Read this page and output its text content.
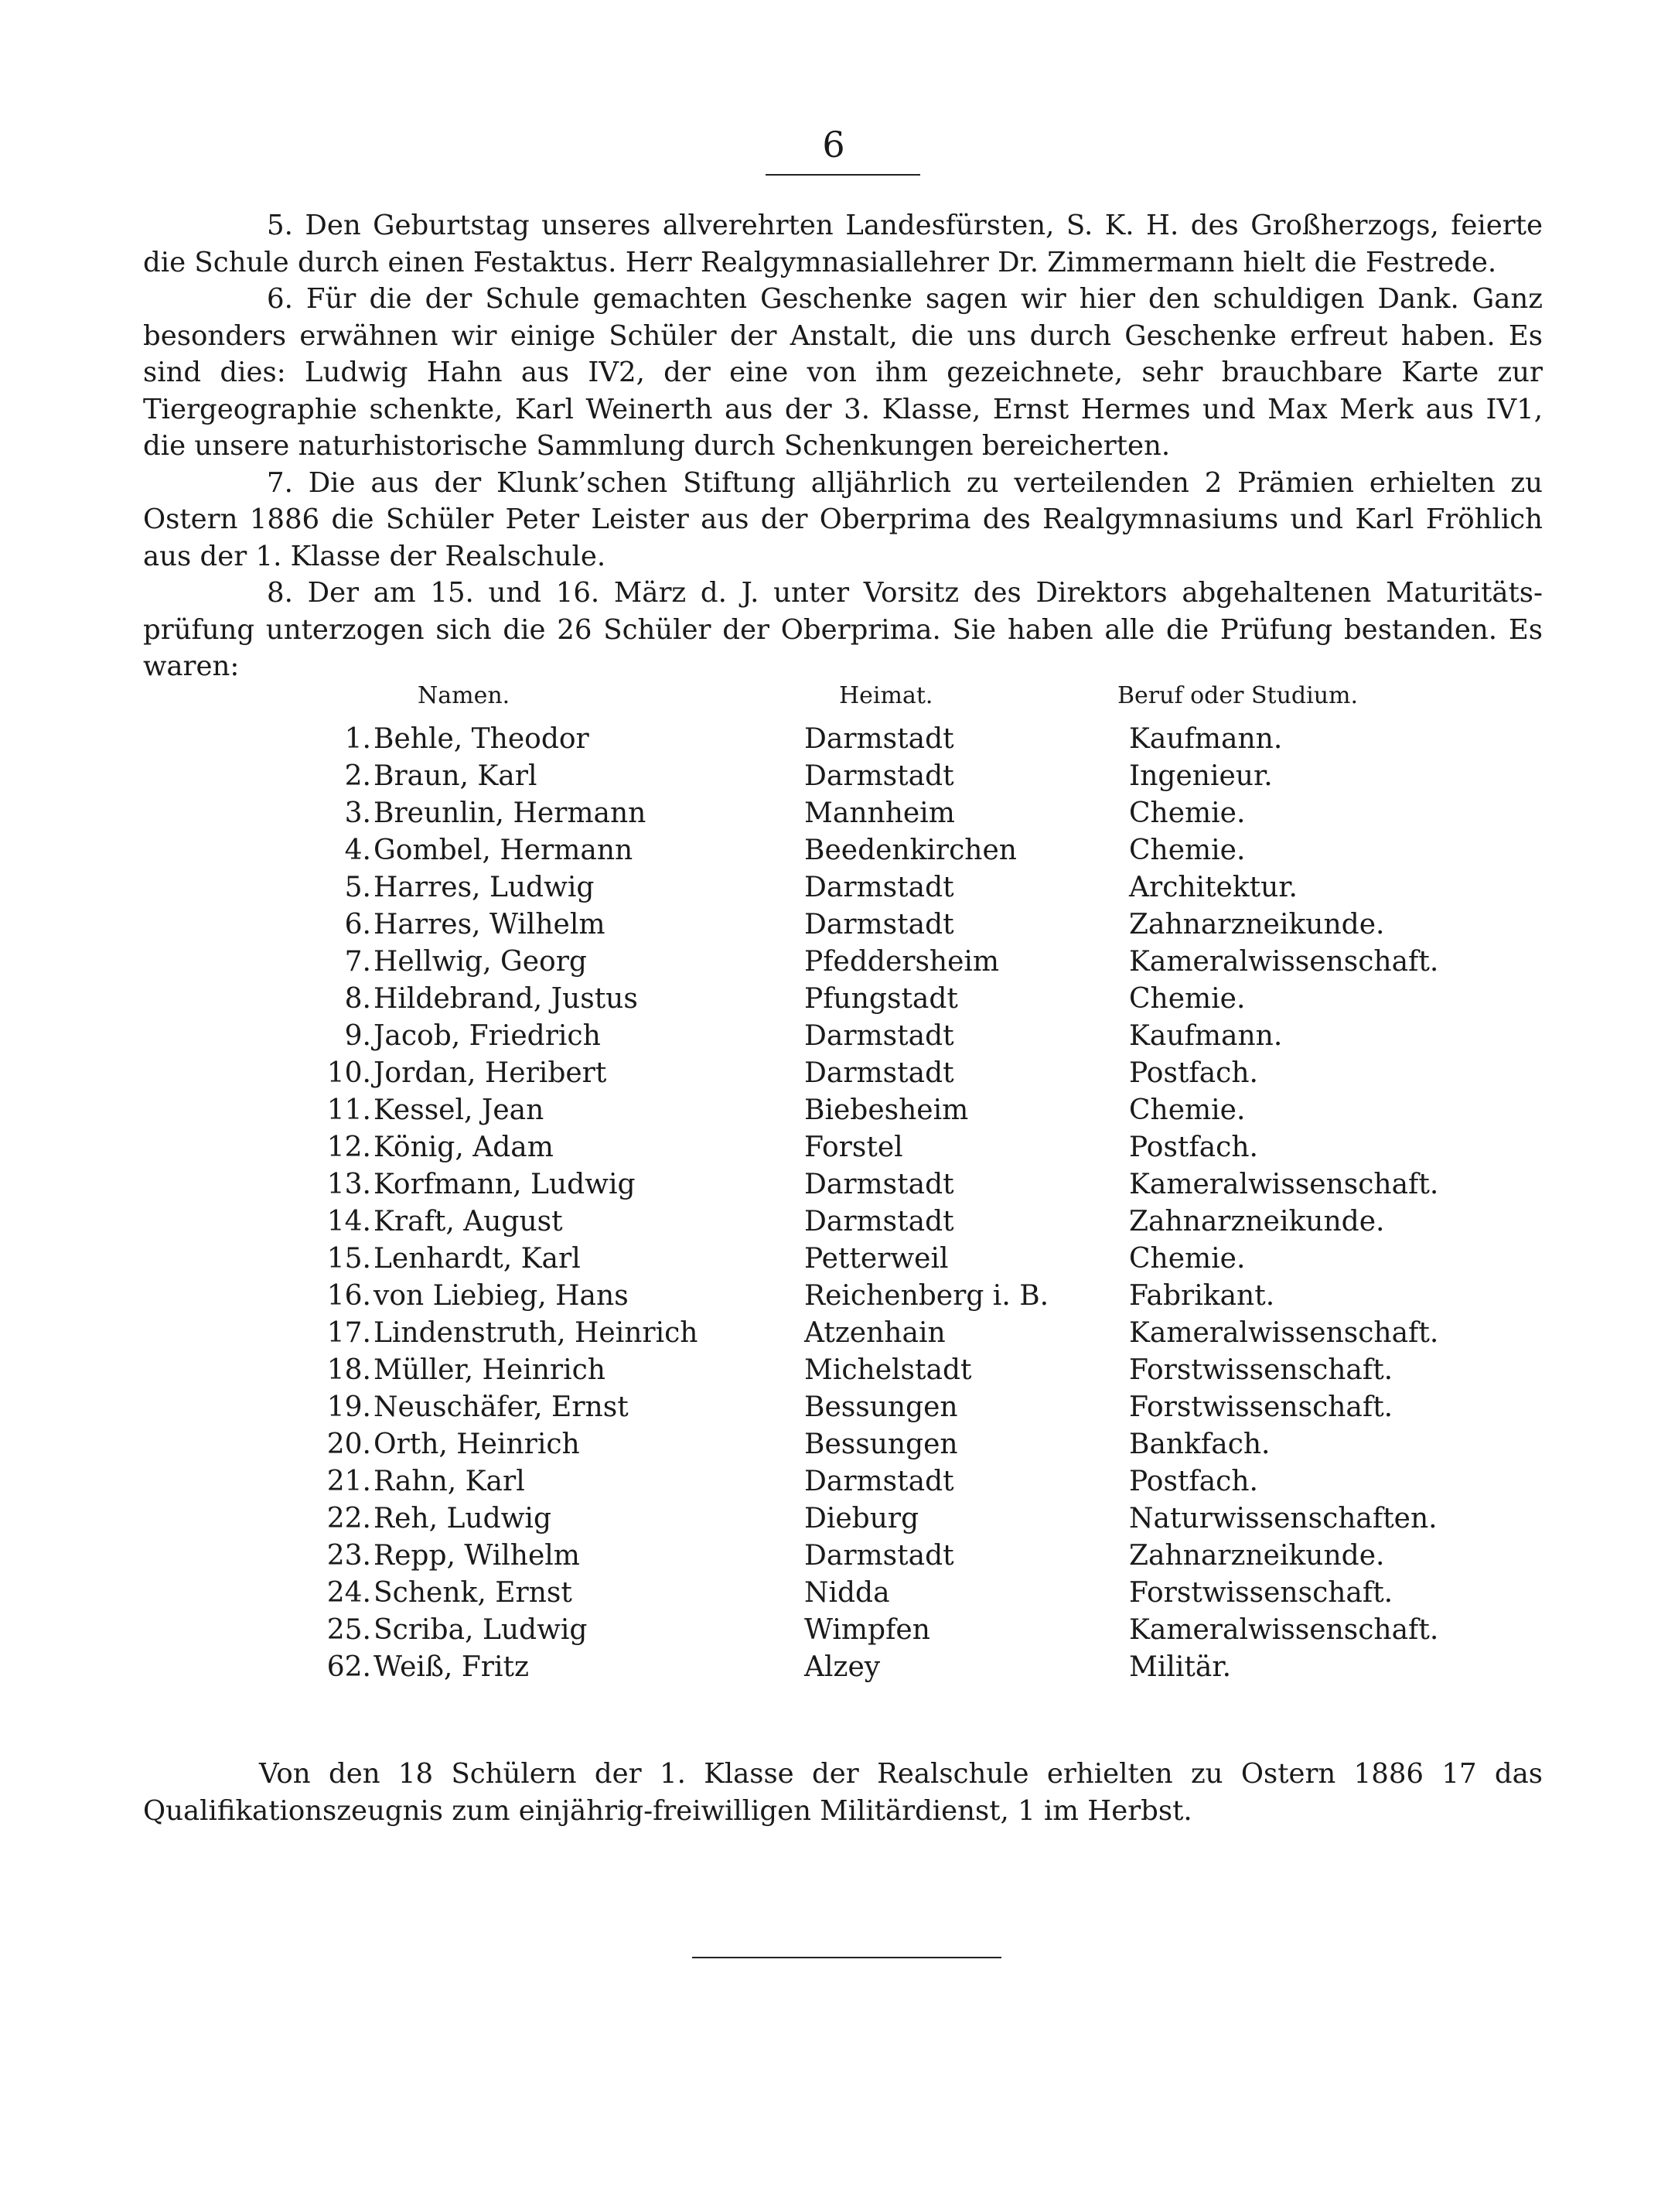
6

5. Den Geburtstag unseres allverehrten Landesfürsten, S. K. H. des Großherzogs, feierte die Schule durch einen Festaktus. Herr Realgymnasiallehrer Dr. Zimmermann hielt die Festrede.

6. Für die der Schule gemachten Geschenke sagen wir hier den schuldigen Dank. Ganz besonders erwähnen wir einige Schüler der Anstalt, die uns durch Geschenke erfreut haben. Es sind dies: Ludwig Hahn aus IV2, der eine von ihm gezeichnete, sehr brauchbare Karte zur Tiergeographie schenkte, Karl Weinerth aus der 3. Klasse, Ernst Hermes und Max Merk aus IV1, die unsere naturhistorische Sammlung durch Schenkungen bereicherten.

7. Die aus der Klunk’schen Stiftung alljährlich zu verteilenden 2 Prämien erhielten zu Ostern 1886 die Schüler Peter Leister aus der Oberprima des Realgymnasiums und Karl Fröhlich aus der 1. Klasse der Realschule.

8. Der am 15. und 16. März d. J. unter Vorsitz des Direktors abgehaltenen Maturitäts- prüfung unterzogen sich die 26 Schüler der Oberprima. Sie haben alle die Prüfung bestanden. Es waren:

Namen.	Heimat.	Beruf oder Studium.
1. Behle, Theodor	Darmstadt	Kaufmann.
2. Braun, Karl	Darmstadt	Ingenieur.
3. Breunlin, Hermann	Mannheim	Chemie.
4. Gombel, Hermann	Beedenkirchen	Chemie.
5. Harres, Ludwig	Darmstadt	Architektur.
6. Harres, Wilhelm	Darmstadt	Zahnarzneikunde.
7. Hellwig, Georg	Pfeddersheim	Kameralwissenschaft.
8. Hildebrand, Justus	Pfungstadt	Chemie.
9. Jacob, Friedrich	Darmstadt	Kaufmann.
10. Jordan, Heribert	Darmstadt	Postfach.
11. Kessel, Jean	Biebesheim	Chemie.
12. König, Adam	Forstel	Postfach.
13. Korfmann, Ludwig	Darmstadt	Kameralwissenschaft.
14. Kraft, August	Darmstadt	Zahnarzneikunde.
15. Lenhardt, Karl	Petterweil	Chemie.
16. von Liebieg, Hans	Reichenberg i. B.	Fabrikant.
17. Lindenstruth, Heinrich	Atzenhain	Kameralwissenschaft.
18. Müller, Heinrich	Michelstadt	Forstwissenschaft.
19. Neuschäfer, Ernst	Bessungen	Forstwissenschaft.
20. Orth, Heinrich	Bessungen	Bankfach.
21. Rahn, Karl	Darmstadt	Postfach.
22. Reh, Ludwig	Dieburg	Naturwissenschaften.
23. Repp, Wilhelm	Darmstadt	Zahnarzneikunde.
24. Schenk, Ernst	Nidda	Forstwissenschaft.
25. Scriba, Ludwig	Wimpfen	Kameralwissenschaft.
62. Weiß, Fritz	Alzey	Militär.

Von den 18 Schülern der 1. Klasse der Realschule erhielten zu Ostern 1886 17 das Qualifikationszeugnis zum einjährig-freiwilligen Militärdienst, 1 im Herbst.
